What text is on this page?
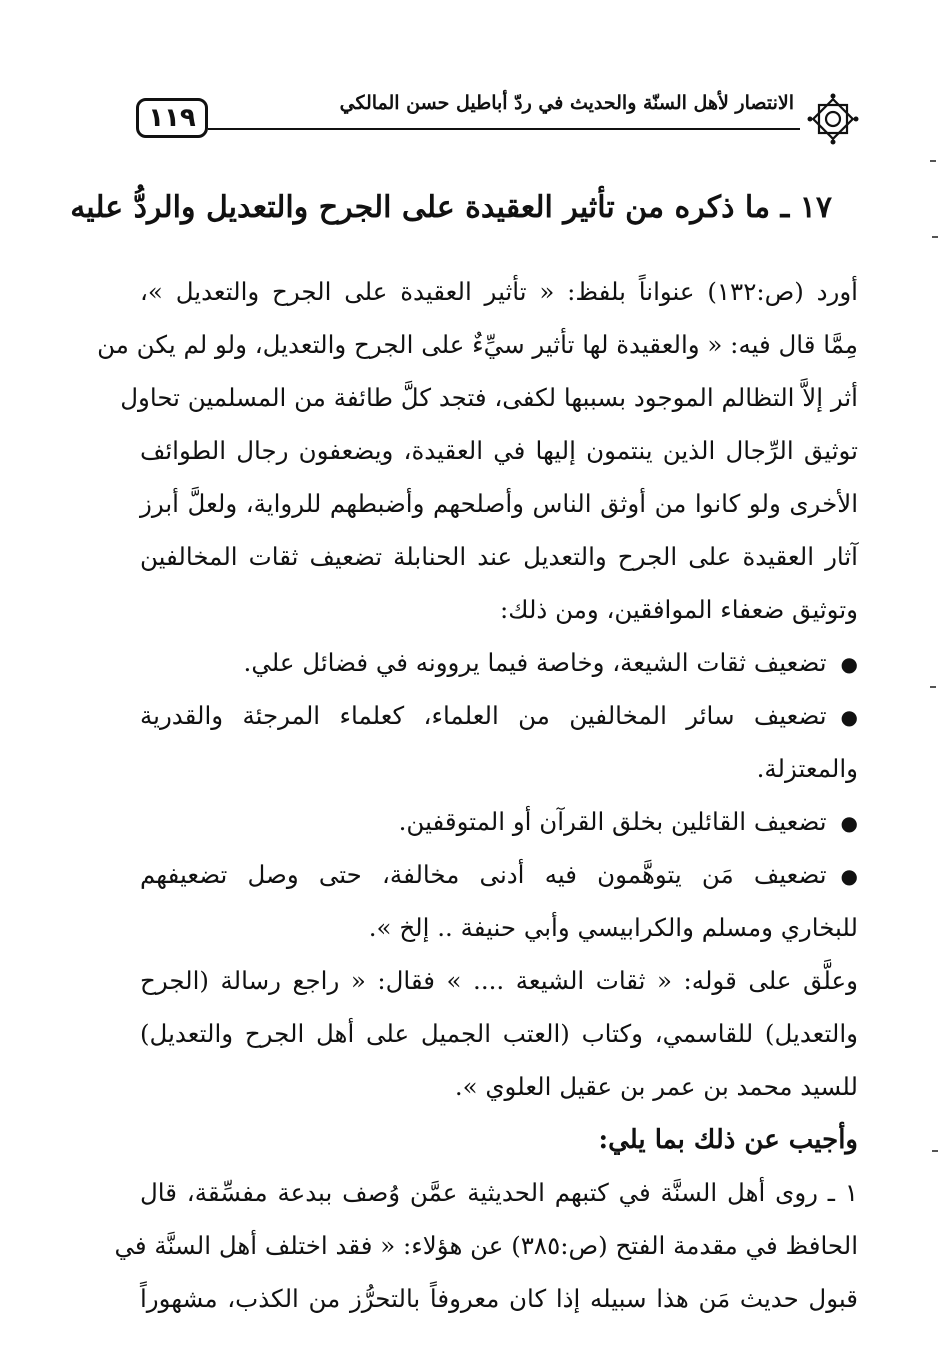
١١٩	الانتصار لأهل السنّة والحديث في ردّ أباطيل حسن المالكي
١٧ ـ ما ذكره من تأثير العقيدة على الجرح والتعديل والردُّ عليه
أورد (ص:١٣٢) عنواناً بلفظ: « تأثير العقيدة على الجرح والتعديل »،
مِمَّا قال فيه: « والعقيدة لها تأثير سيِّءٌ على الجرح والتعديل، ولو لم يكن من
أثر إلاَّ التظالم الموجود بسببها لكفى، فتجد كلَّ طائفة من المسلمين تحاول
توثيق الرِّجال الذين ينتمون إليها في العقيدة، ويضعفون رجال الطوائف
الأخرى ولو كانوا من أوثق الناس وأصلحهم وأضبطهم للرواية، ولعلَّ أبرز
آثار العقيدة على الجرح والتعديل عند الحنابلة تضعيف ثقات المخالفين
وتوثيق ضعفاء الموافقين، ومن ذلك:
●تضعيف ثقات الشيعة، وخاصة فيما يروونه في فضائل علي.
●تضعيف سائر المخالفين من العلماء، كعلماء المرجئة والقدرية
والمعتزلة.
●تضعيف القائلين بخلق القرآن أو المتوقفين.
●تضعيف مَن يتوهَّمون فيه أدنى مخالفة، حتى وصل تضعيفهم
للبخاري ومسلم والكرابيسي وأبي حنيفة .. إلخ ».
وعلَّق على قوله: « ثقات الشيعة .... » فقال: « راجع رسالة (الجرح
والتعديل) للقاسمي، وكتاب (العتب الجميل على أهل الجرح والتعديل)
للسيد محمد بن عمر بن عقيل العلوي ».
وأجيب عن ذلك بما يلي:
١ ـ روى أهل السنَّة في كتبهم الحديثية عمَّن وُصف ببدعة مفسِّقة، قال
الحافظ في مقدمة الفتح (ص:٣٨٥) عن هؤلاء: « فقد اختلف أهل السنَّة في
قبول حديث مَن هذا سبيله إذا كان معروفاً بالتحرُّز من الكذب، مشهوراً
